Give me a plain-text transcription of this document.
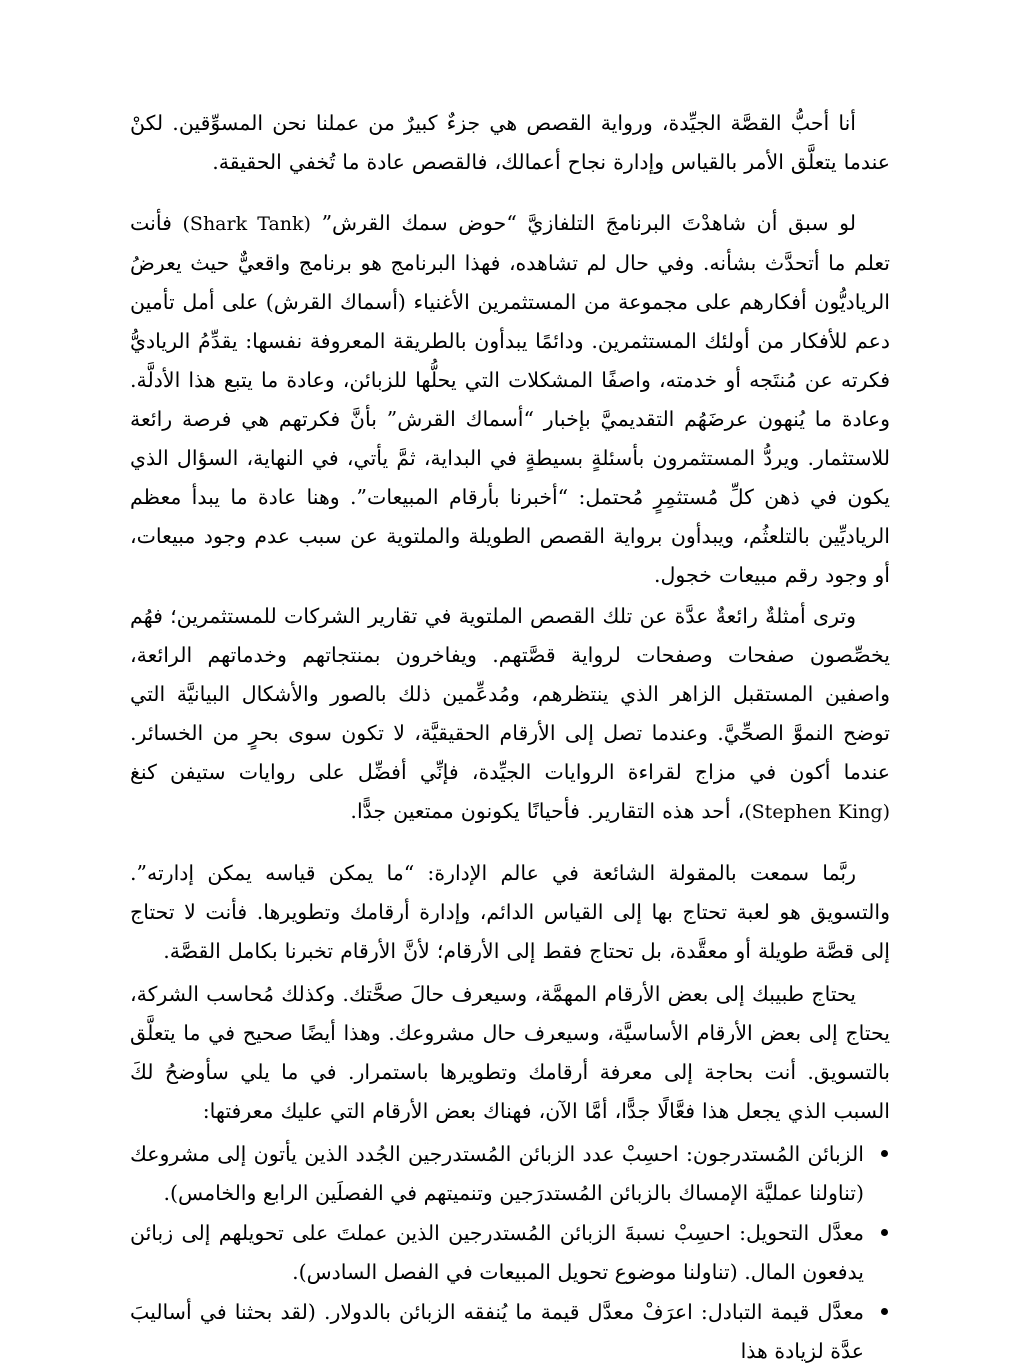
أنا أحبُّ القصَّة الجيِّدة، ورواية القصص هي جزءٌ كبيرٌ من عملنا نحن المسوِّقين. لكنْ عندما يتعلَّق الأمر بالقياس وإدارة نجاح أعمالك، فالقصص عادة ما تُخفي الحقيقة.

لو سبق أن شاهدْتَ البرنامجَ التلفازيَّ “حوض سمك القرش” (Shark Tank) فأنت تعلم ما أتحدَّث بشأنه. وفي حال لم تشاهده، فهذا البرنامج هو برنامج واقعيٌّ حيث يعرضُ الرياديُّون أفكارهم على مجموعة من المستثمرين الأغنياء (أسماك القرش) على أمل تأمين دعم للأفكار من أولئك المستثمرين. ودائمًا يبدأون بالطريقة المعروفة نفسها: يقدِّمُ الرياديُّ فكرته عن مُنتَجه أو خدمته، واصفًا المشكلات التي يحلُّها للزبائن، وعادة ما يتبع هذا الأدلَّة. وعادة ما يُنهون عرضَهُم التقديميَّ بإخبار “أسماك القرش” بأنَّ فكرتهم هي فرصة رائعة للاستثمار. ويردُّ المستثمرون بأسئلةٍ بسيطةٍ في البداية، ثمَّ يأتي، في النهاية، السؤال الذي يكون في ذهن كلِّ مُستثمِرٍ مُحتمل: “أخبرنا بأرقام المبيعات”. وهنا عادة ما يبدأ معظم الرياديِّين بالتلعثُم، ويبدأون برواية القصص الطويلة والملتوية عن سبب عدم وجود مبيعات، أو وجود رقم مبيعات خجول.

وترى أمثلةٌ رائعةٌ عدَّة عن تلك القصص الملتوية في تقارير الشركات للمستثمرين؛ فهُم يخصِّصون صفحات وصفحات لرواية قصَّتهم. ويفاخرون بمنتجاتهم وخدماتهم الرائعة، واصفين المستقبل الزاهر الذي ينتظرهم، ومُدعِّمين ذلك بالصور والأشكال البيانيَّة التي توضح النموَّ الصحِّيَّ. وعندما تصل إلى الأرقام الحقيقيَّة، لا تكون سوى بحرٍ من الخسائر. عندما أكون في مزاج لقراءة الروايات الجيِّدة، فإنِّي أفضِّل على روايات ستيفن كنغ (Stephen King)، أحد هذه التقارير. فأحيانًا يكونون ممتعين جدًّا.

ربَّما سمعت بالمقولة الشائعة في عالم الإدارة: “ما يمكن قياسه يمكن إدارته”. والتسويق هو لعبة تحتاج بها إلى القياس الدائم، وإدارة أرقامك وتطويرها. فأنت لا تحتاج إلى قصَّة طويلة أو معقَّدة، بل تحتاج فقط إلى الأرقام؛ لأنَّ الأرقام تخبرنا بكامل القصَّة.

يحتاج طبيبك إلى بعض الأرقام المهمَّة، وسيعرف حالَ صحَّتك. وكذلك مُحاسب الشركة، يحتاج إلى بعض الأرقام الأساسيَّة، وسيعرف حال مشروعك. وهذا أيضًا صحيح في ما يتعلَّق بالتسويق. أنت بحاجة إلى معرفة أرقامك وتطويرها باستمرار. في ما يلي سأوضحُ لكَ السبب الذي يجعل هذا فعَّالًا جدًّا، أمَّا الآن، فهناك بعض الأرقام التي عليك معرفتها:

الزبائن المُستدرجون: احسِبْ عدد الزبائن المُستدرجين الجُدد الذين يأتون إلى مشروعك (تناولنا عمليَّة الإمساك بالزبائن المُستدرَجين وتنميتهم في الفصلَين الرابع والخامس).
معدَّل التحويل: احسِبْ نسبةَ الزبائن المُستدرجين الذين عملتَ على تحويلهم إلى زبائن يدفعون المال. (تناولنا موضوع تحويل المبيعات في الفصل السادس).
معدَّل قيمة التبادل: اعرَفْ معدَّل قيمة ما يُنفقه الزبائن بالدولار. (لقد بحثنا في أساليبَ عدَّة لزيادة هذا
